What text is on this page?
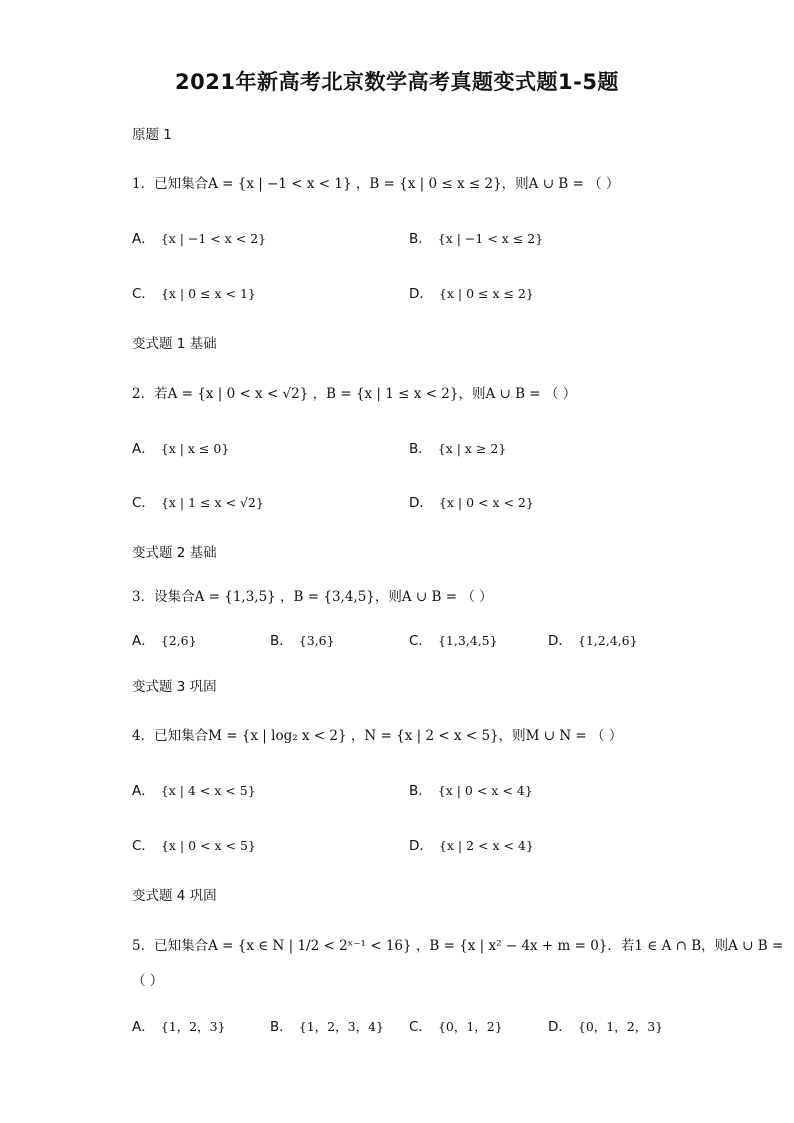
2021年新高考北京数学高考真题变式题1-5题
原题 1
1．已知集合A = {x | −1 < x < 1} ，B = {x | 0 ≤ x ≤ 2}，则A ∪ B = （ ）
A． {x | −1 < x < 2}	B． {x | −1 < x ≤ 2}
C． {x | 0 ≤ x < 1}	D． {x | 0 ≤ x ≤ 2}
变式题 1 基础
2．若A = {x | 0 < x < √2} ，B = {x | 1 ≤ x < 2}，则A ∪ B = （ ）
A． {x | x ≤ 0}	B． {x | x ≥ 2}
C． {x | 1 ≤ x < √2}	D． {x | 0 < x < 2}
变式题 2 基础
3．设集合A = {1,3,5} ，B = {3,4,5}，则A ∪ B = （ ）
A． {2,6}	B． {3,6}	C． {1,3,4,5}	D． {1,2,4,6}
变式题 3 巩固
4．已知集合M = {x | log₂ x < 2} ，N = {x | 2 < x < 5}，则M ∪ N = （ ）
A． {x | 4 < x < 5}	B． {x | 0 < x < 4}
C． {x | 0 < x < 5}	D． {x | 2 < x < 4}
变式题 4 巩固
5．已知集合A = {x ∈ N | 1/2 < 2ˣ⁻¹ < 16} ，B = {x | x² − 4x + m = 0}．若1 ∈ A ∩ B，则A ∪ B =
（ ）
A． {1，2，3}	B． {1，2，3，4} C． {0，1，2}	D． {0，1，2，3}
